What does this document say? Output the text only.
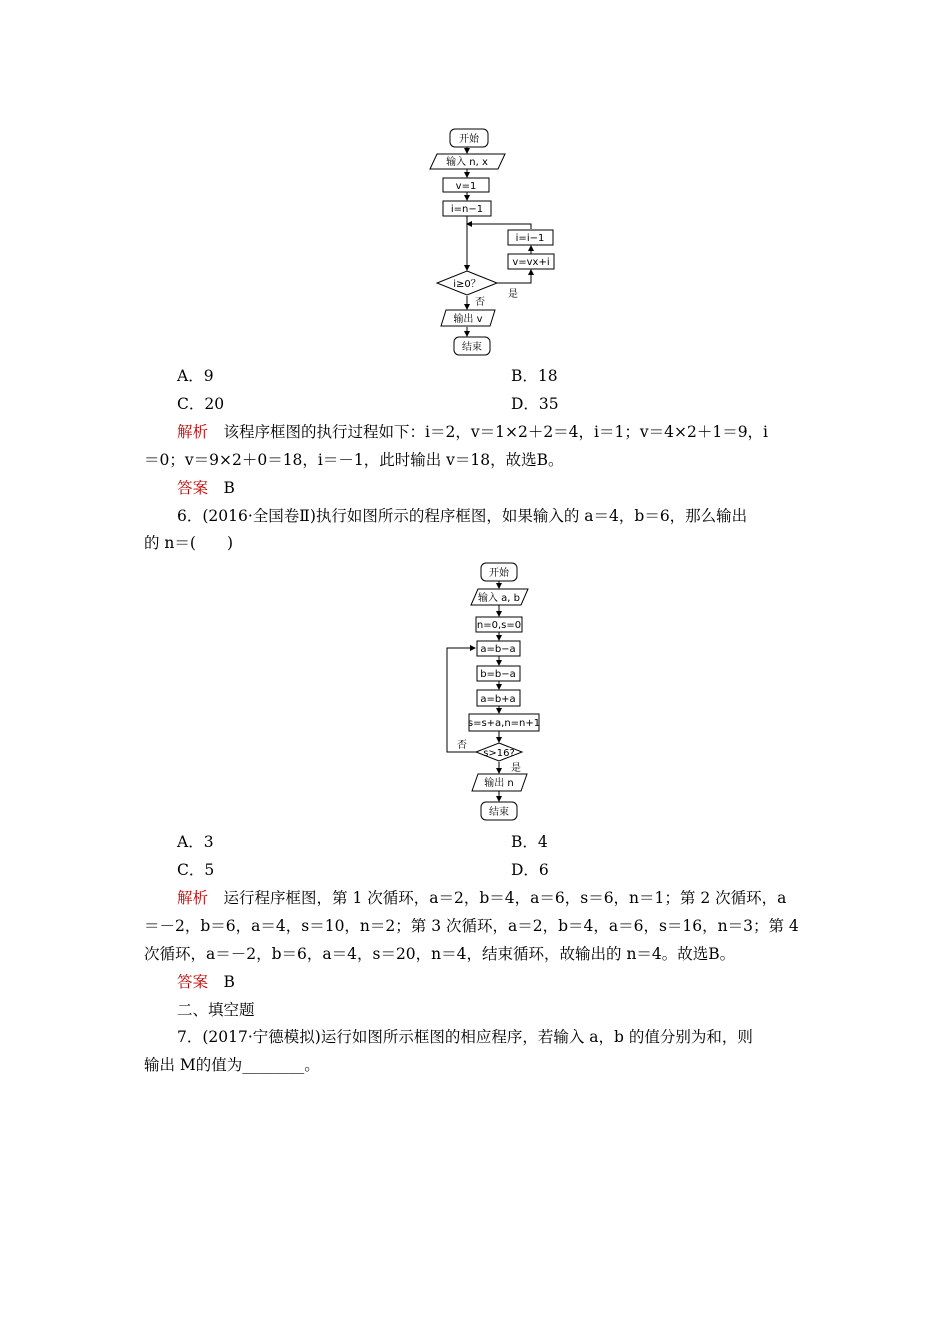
开始
输入 n, x
v=1
i=n−1
i=i−1
v=vx+i
i≥0？
是
否
输出 v
结束
A．9	B．18
C．20	D．35
解析　 该程序框图的执行过程如下：i＝2，v＝1×2＋2＝4，i＝1；v＝4×2＋1＝9，i
＝0；v＝9×2＋0＝18，i＝－1，此时输出 v＝18，故选B。
答案　 B
6．(2016·全国卷Ⅱ)执行如图所示的程序框图，如果输入的 a＝4，b＝6，那么输出
的 n＝(　　)
开始
输入 a, b
n=0,s=0
a=b−a
b=b−a
a=b+a
s=s+a,n=n+1
s>16?
否
是
输出 n
结束
A．3	B．4
C．5	D．6
解析　 运行程序框图，第 1 次循环，a＝2，b＝4，a＝6，s＝6，n＝1；第 2 次循环，a
＝－2，b＝6，a＝4，s＝10，n＝2；第 3 次循环，a＝2，b＝4，a＝6，s＝16，n＝3；第 4
次循环，a＝－2，b＝6，a＝4，s＝20，n＝4，结束循环，故输出的 n＝4。故选B。
答案　 B
二、填空题
7．(2017·宁德模拟)运行如图所示框图的相应程序，若输入 a，b 的值分别为和，则
输出 M的值为________。
